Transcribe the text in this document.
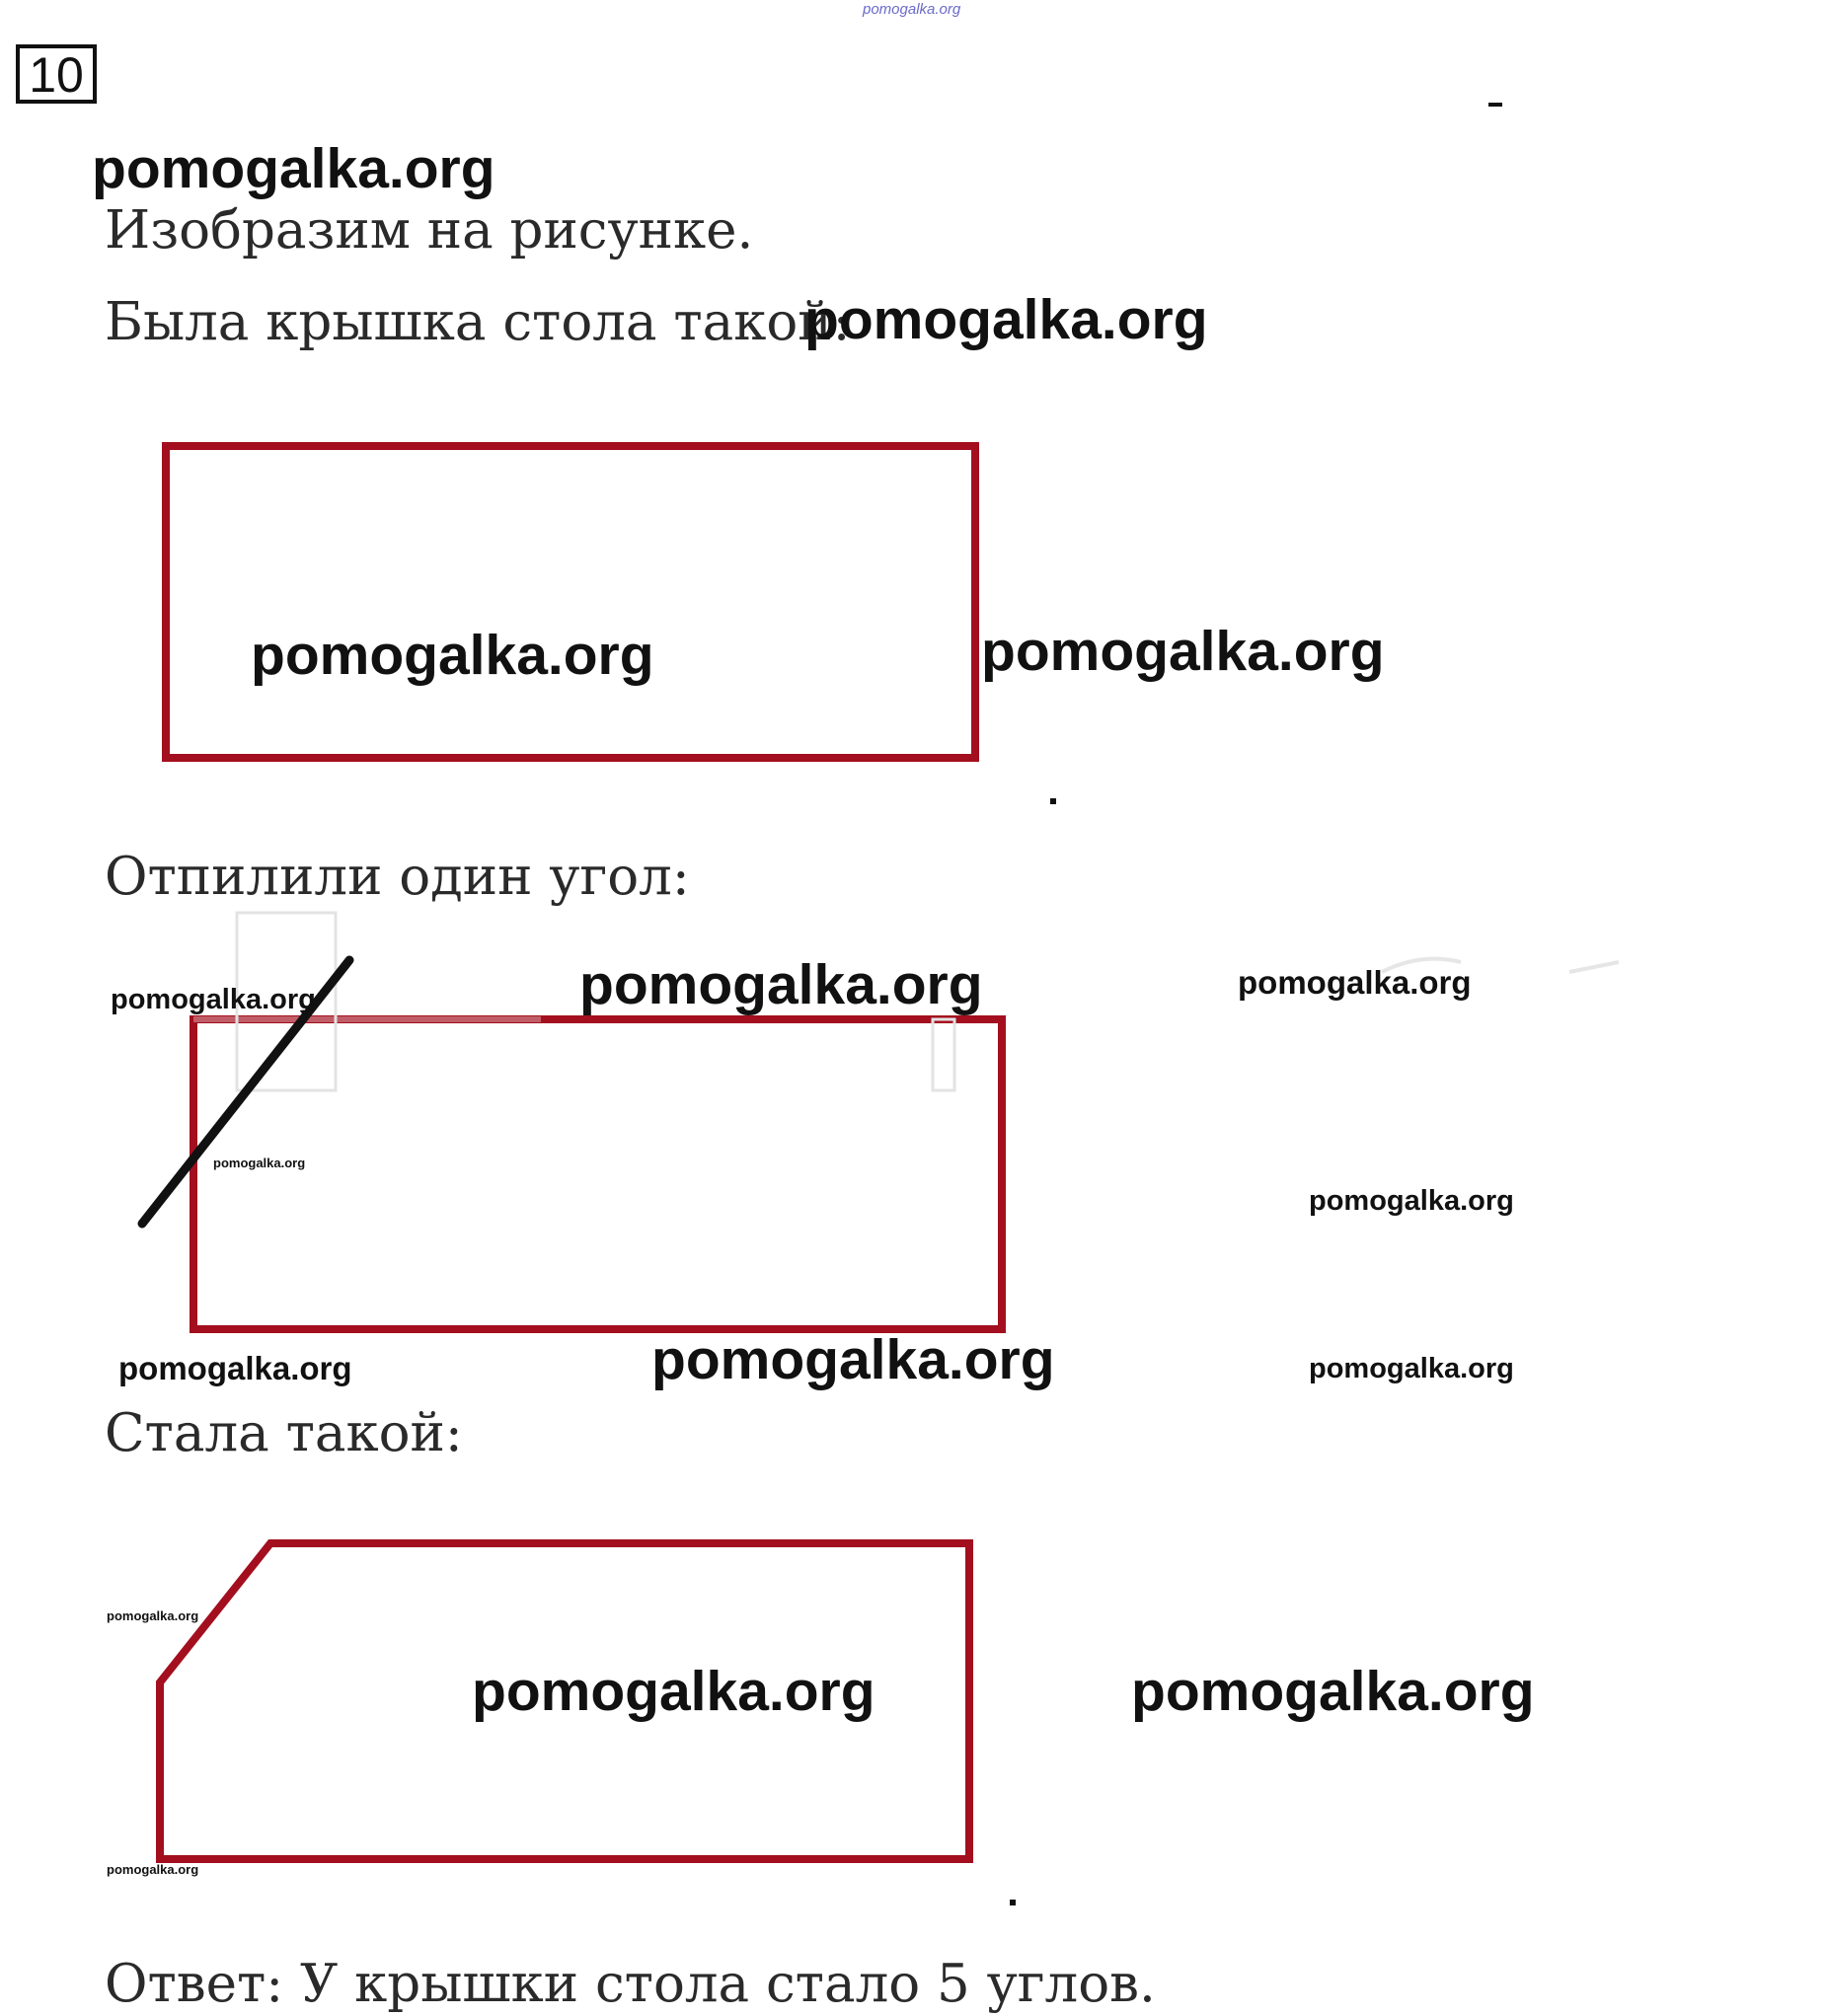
pomogalka.org
10
pomogalka.org
Изобразим на рисунке.
Была крышка стола такой:
pomogalka.org
pomogalka.org	pomogalka.org
Отпилили один угол:
pomogalka.org
pomogalka.org	pomogalka.org
pomogalka.org
pomogalka.org
pomogalka.org
pomogalka.org	pomogalka.org
Стала такой:
pomogalka.org
pomogalka.org	pomogalka.org
pomogalka.org
Ответ: У крышки стола стало 5 углов.
